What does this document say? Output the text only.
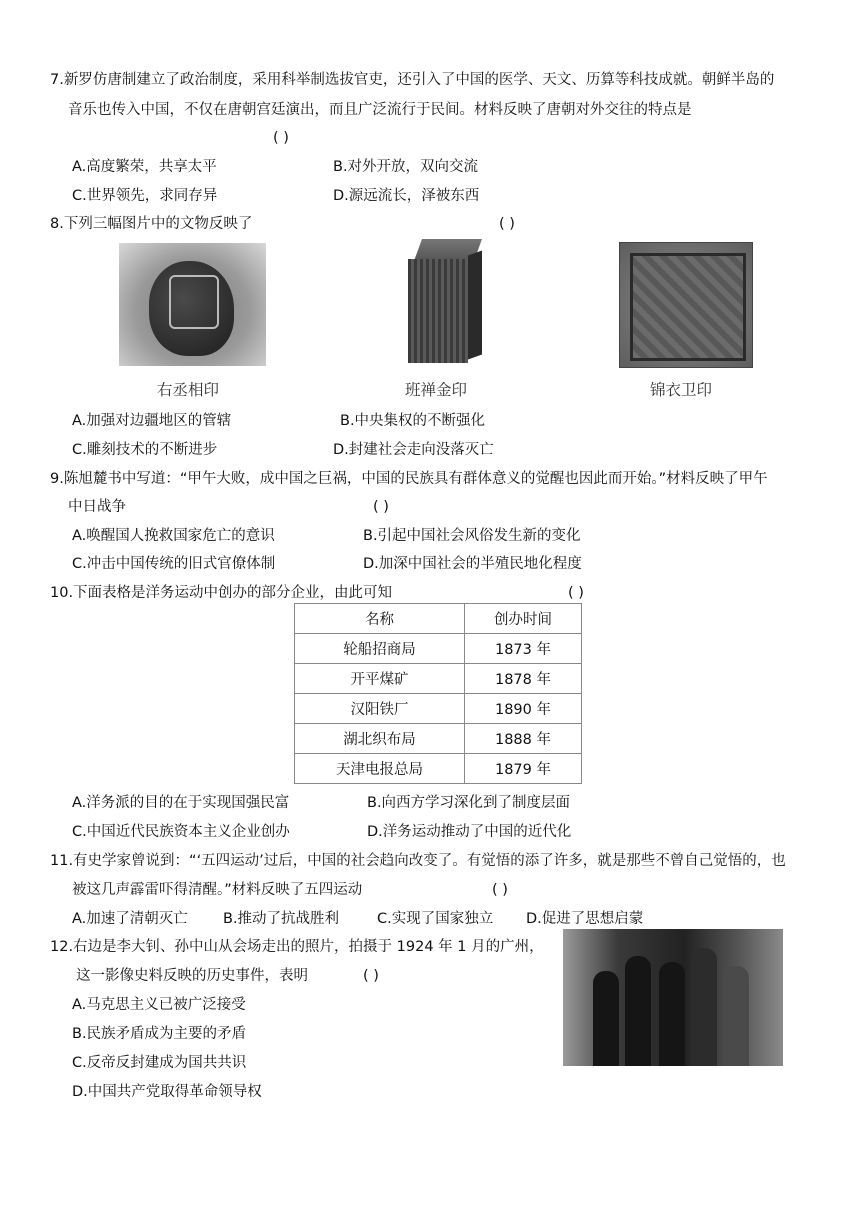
7.新罗仿唐制建立了政治制度，采用科举制选拔官吏，还引入了中国的医学、天文、历算等科技成就。朝鲜半岛的
音乐也传入中国，不仅在唐朝宫廷演出，而且广泛流行于民间。材料反映了唐朝对外交往的特点是
( )
A.高度繁荣，共享太平	B.对外开放，双向交流
C.世界领先，求同存异	D.源远流长，泽被东西
8.下列三幅图片中的文物反映了	( )
右丞相印	班禅金印	锦衣卫印
A.加强对边疆地区的管辖	B.中央集权的不断强化
C.雕刻技术的不断进步	D.封建社会走向没落灭亡
9.陈旭麓书中写道：“甲午大败，成中国之巨祸，中国的民族具有群体意义的觉醒也因此而开始。”材料反映了甲午
中日战争	( )
A.唤醒国人挽救国家危亡的意识	B.引起中国社会风俗发生新的变化
C.冲击中国传统的旧式官僚体制	D.加深中国社会的半殖民地化程度
10.下面表格是洋务运动中创办的部分企业，由此可知	( )
名称	创办时间
轮船招商局	1873 年
开平煤矿	1878 年
汉阳铁厂	1890 年
湖北织布局	1888 年
天津电报总局	1879 年
A.洋务派的目的在于实现国强民富	B.向西方学习深化到了制度层面
C.中国近代民族资本主义企业创办	D.洋务运动推动了中国的近代化
11.有史学家曾说到：“‘五四运动’过后，中国的社会趋向改变了。有觉悟的添了许多，就是那些不曾自己觉悟的，也
被这几声霹雷吓得清醒。”材料反映了五四运动	( )
A.加速了清朝灭亡 B.推动了抗战胜利	C.实现了国家独立 D.促进了思想启蒙
12.右边是李大钊、孙中山从会场走出的照片，拍摄于 1924 年 1 月的广州，
这一影像史料反映的历史事件，表明	( )
A.马克思主义已被广泛接受
B.民族矛盾成为主要的矛盾
C.反帝反封建成为国共共识
D.中国共产党取得革命领导权
